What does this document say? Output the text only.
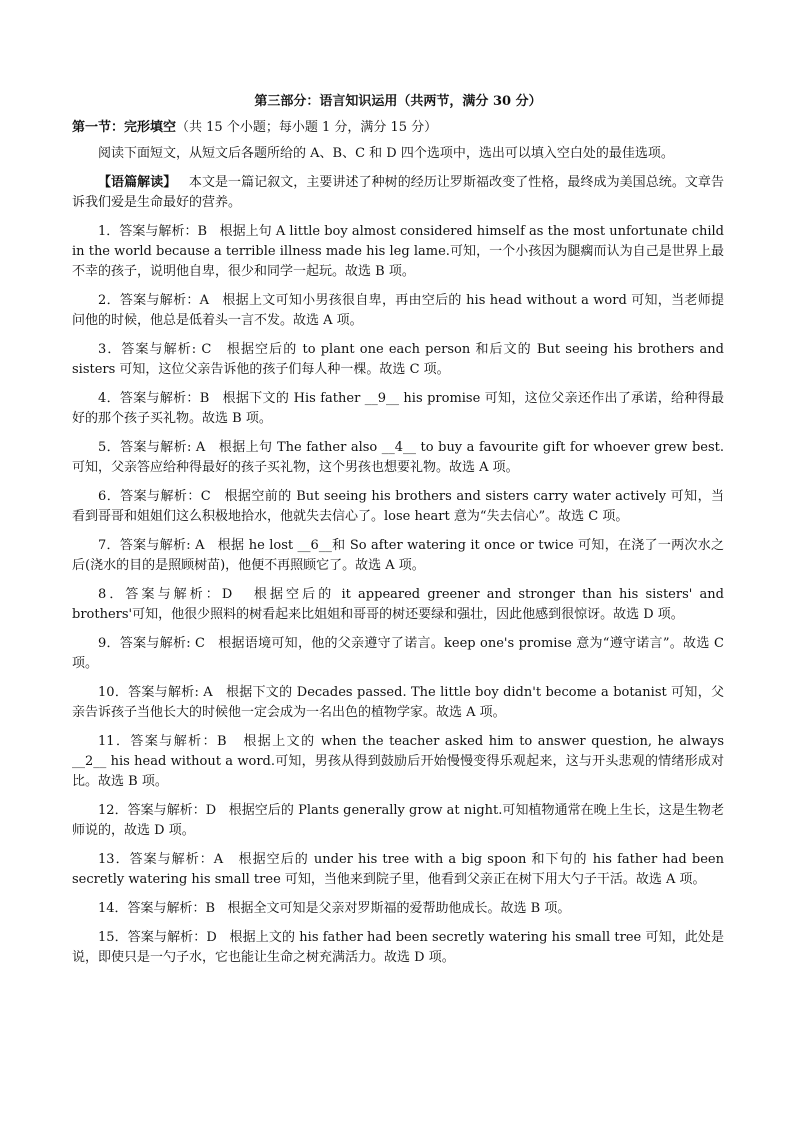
第三部分：语言知识运用（共两节，满分 30 分）
第一节：完形填空（共 15 个小题；每小题 1 分，满分 15 分）

阅读下面短文，从短文后各题所给的 A、B、C 和 D 四个选项中，选出可以填入空白处的最佳选项。

【语篇解读】 本文是一篇记叙文，主要讲述了种树的经历让罗斯福改变了性格，最终成为美国总统。文章告诉我们爱是生命最好的营养。

1．答案与解析：B 根据上句 A little boy almost considered himself as the most unfortunate child in the world because a terrible illness made his leg lame.可知，一个小孩因为腿瘸而认为自己是世界上最不幸的孩子，说明他自卑，很少和同学一起玩。故选 B 项。

2．答案与解析：A 根据上文可知小男孩很自卑，再由空后的 his head without a word 可知，当老师提问他的时候，他总是低着头一言不发。故选 A 项。

3．答案与解析: C 根据空后的 to plant one each person 和后文的 But seeing his brothers and sisters 可知，这位父亲告诉他的孩子们每人种一棵。故选 C 项。

4．答案与解析：B 根据下文的 His father __9__ his promise 可知，这位父亲还作出了承诺，给种得最好的那个孩子买礼物。故选 B 项。

5．答案与解析: A 根据上句 The father also __4__ to buy a favourite gift for whoever grew best.可知，父亲答应给种得最好的孩子买礼物，这个男孩也想要礼物。故选 A 项。

6．答案与解析：C 根据空前的 But seeing his brothers and sisters carry water actively 可知，当看到哥哥和姐姐们这么积极地拾水，他就失去信心了。lose heart 意为“失去信心”。故选 C 项。

7．答案与解析: A 根据 he lost __6__和 So after watering it once or twice 可知，在浇了一两次水之后(浇水的目的是照顾树苗)，他便不再照顾它了。故选 A 项。

8．答案与解析：D 根据空后的 it appeared greener and stronger than his sisters' and brothers'可知，他很少照料的树看起来比姐姐和哥哥的树还要绿和强壮，因此他感到很惊讶。故选 D 项。

9．答案与解析: C 根据语境可知，他的父亲遵守了诺言。keep one's promise 意为“遵守诺言”。故选 C 项。

10．答案与解析: A 根据下文的 Decades passed. The little boy didn't become a botanist 可知，父亲告诉孩子当他长大的时候他一定会成为一名出色的植物学家。故选 A 项。

11．答案与解析：B 根据上文的 when the teacher asked him to answer question, he always __2__ his head without a word.可知，男孩从得到鼓励后开始慢慢变得乐观起来，这与开头悲观的情绪形成对比。故选 B 项。

12．答案与解析：D 根据空后的 Plants generally grow at night.可知植物通常在晚上生长，这是生物老师说的，故选 D 项。

13．答案与解析：A 根据空后的 under his tree with a big spoon 和下句的 his father had been secretly watering his small tree 可知，当他来到院子里，他看到父亲正在树下用大勺子干活。故选 A 项。

14．答案与解析：B 根据全文可知是父亲对罗斯福的爱帮助他成长。故选 B 项。

15．答案与解析：D 根据上文的 his father had been secretly watering his small tree 可知，此处是说，即使只是一勺子水，它也能让生命之树充满活力。故选 D 项。
